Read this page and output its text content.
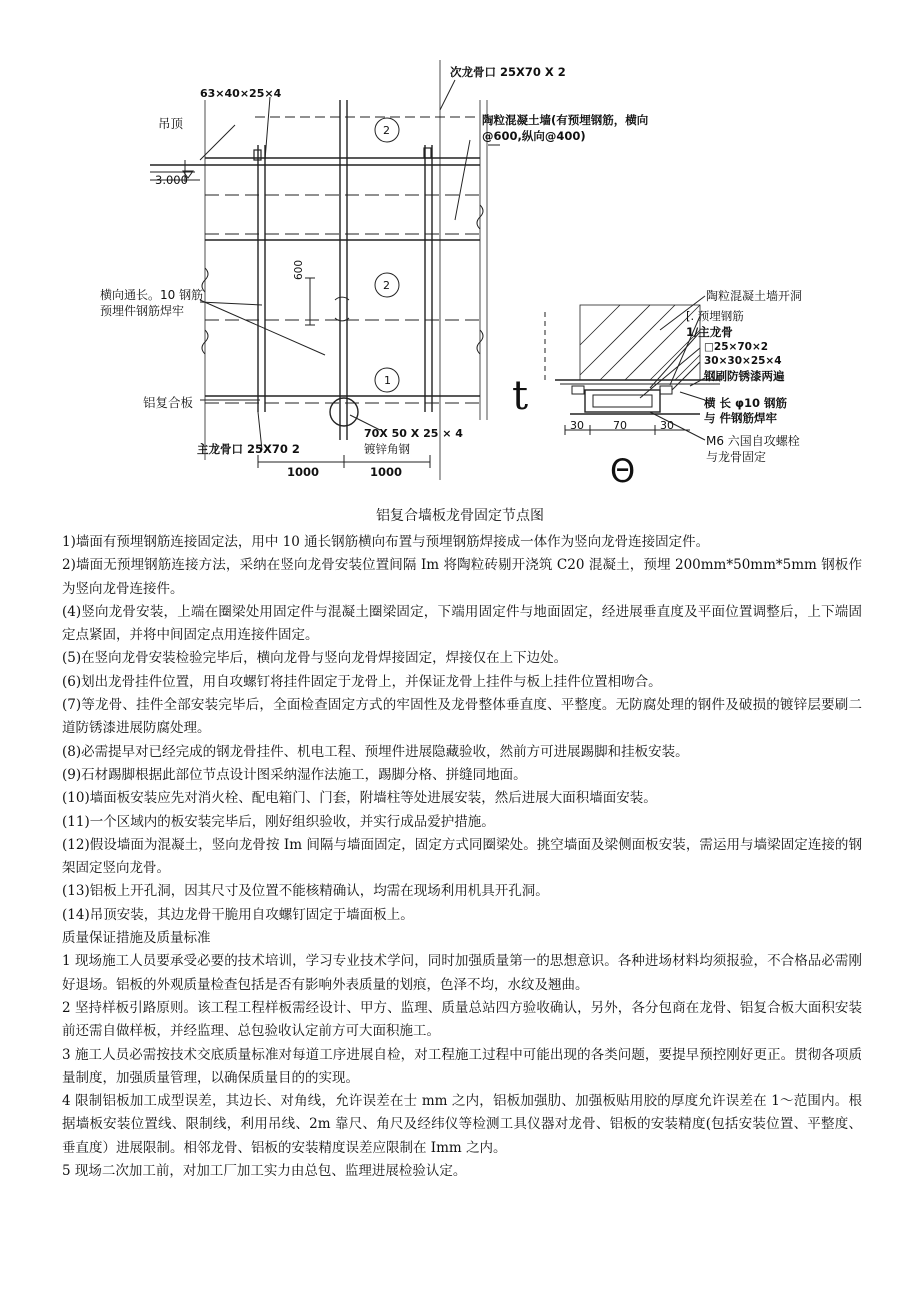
次龙骨口 25X70 X 2
63×40×25×4
吊顶
3.000
陶粒混凝土墙(有预埋钢筋，横向@600,纵向@400)
横向通长。10 钢筋预埋件钢筋焊牢
600
铝复合板
主龙骨口 25X70 2
70X 50 X 25 × 4
镀锌角钢
1000	1000
2
2
1
陶粒混凝土墙开洞
[. 预埋钢筋
1/主龙骨
□25×70×2
30×30×25×4
钢刷防锈漆两遍
横 长 φ10 钢筋
与 件钢筋焊牢
M6 六国自攻螺栓与龙骨固定
30	70	30
t
Θ
铝复合墙板龙骨固定节点图

1)墙面有预埋钢筋连接固定法，用中 10 通长钢筋横向布置与预埋钢筋焊接成一体作为竖向龙骨连接固定件。

2)墙面无预埋钢筋连接方法，采纳在竖向龙骨安装位置间隔 Im 将陶粒砖剔开浇筑 C20 混凝土，预埋 200mm*50mm*5mm 钢板作为竖向龙骨连接件。

(4)竖向龙骨安装，上端在圈梁处用固定件与混凝土圈梁固定，下端用固定件与地面固定，经进展垂直度及平面位置调整后，上下端固定点紧固，并将中间固定点用连接件固定。

(5)在竖向龙骨安装检验完毕后，横向龙骨与竖向龙骨焊接固定，焊接仅在上下边处。

(6)划出龙骨挂件位置，用自攻螺钉将挂件固定于龙骨上，并保证龙骨上挂件与板上挂件位置相吻合。

(7)等龙骨、挂件全部安装完毕后，全面检查固定方式的牢固性及龙骨整体垂直度、平整度。无防腐处理的钢件及破损的镀锌层要刷二道防锈漆进展防腐处理。

(8)必需提早对已经完成的钢龙骨挂件、机电工程、预埋件进展隐藏验收，然前方可进展踢脚和挂板安装。

(9)石材踢脚根据此部位节点设计图采纳湿作法施工，踢脚分格、拼缝同地面。

(10)墙面板安装应先对消火栓、配电箱门、门套，附墙柱等处进展安装，然后进展大面积墙面安装。

(11)一个区域内的板安装完毕后，刚好组织验收，并实行成品爱护措施。

(12)假设墙面为混凝土，竖向龙骨按 Im 间隔与墙面固定，固定方式同圈梁处。挑空墙面及梁侧面板安装，需运用与墙梁固定连接的钢架固定竖向龙骨。

(13)铝板上开孔洞，因其尺寸及位置不能核精确认，均需在现场利用机具开孔洞。

(14)吊顶安装，其边龙骨干脆用自攻螺钉固定于墙面板上。

质量保证措施及质量标准

1 现场施工人员要承受必要的技术培训，学习专业技术学问，同时加强质量第一的思想意识。各种进场材料均须报验，不合格品必需刚好退场。铝板的外观质量检查包括是否有影响外表质量的划痕，色泽不均，水纹及翘曲。

2 坚持样板引路原则。该工程工程样板需经设计、甲方、监理、质量总站四方验收确认，另外，各分包商在龙骨、铝复合板大面积安装前还需自做样板，并经监理、总包验收认定前方可大面积施工。

3 施工人员必需按技术交底质量标准对每道工序进展自检，对工程施工过程中可能出现的各类问题，要提早预控刚好更正。贯彻各项质量制度，加强质量管理，以确保质量目的的实现。

4 限制铝板加工成型误差，其边长、对角线，允许误差在士 mm 之内，铝板加强肋、加强板贴用胶的厚度允许误差在 1～范围内。根据墙板安装位置线、限制线，利用吊线、2m 靠尺、角尺及经纬仪等检测工具仪器对龙骨、铝板的安装精度(包括安装位置、平整度、垂直度）进展限制。相邻龙骨、铝板的安装精度误差应限制在 Imm 之内。

5 现场二次加工前，对加工厂加工实力由总包、监理进展检验认定。
